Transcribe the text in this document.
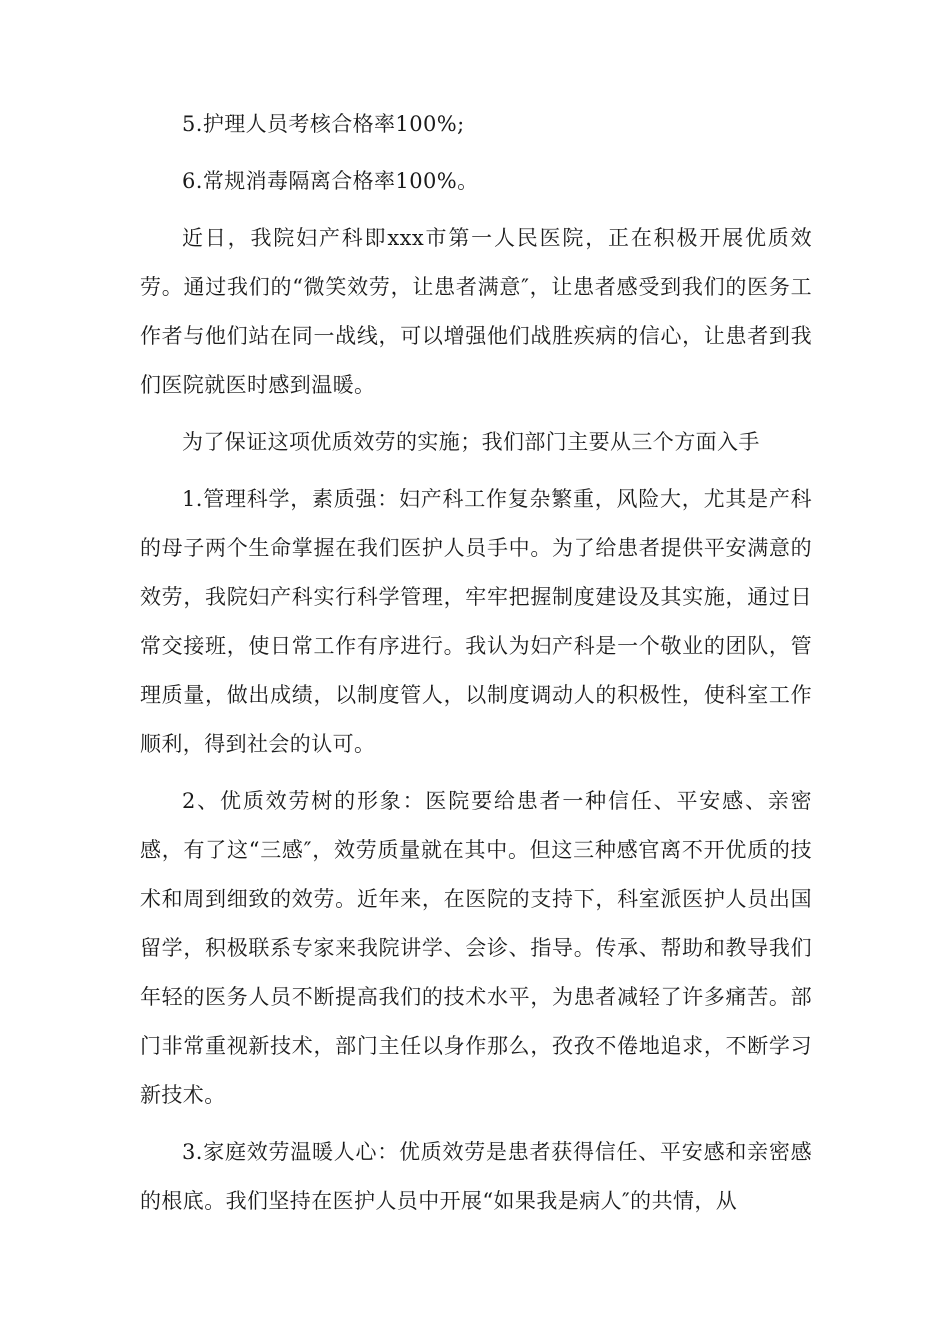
5.护理人员考核合格率100%;

6.常规消毒隔离合格率100%。

近日，我院妇产科即xxx市第一人民医院，正在积极开展优质效劳。通过我们的“微笑效劳，让患者满意″，让患者感受到我们的医务工作者与他们站在同一战线，可以增强他们战胜疾病的信心，让患者到我们医院就医时感到温暖。

为了保证这项优质效劳的实施；我们部门主要从三个方面入手

1.管理科学，素质强：妇产科工作复杂繁重，风险大，尤其是产科的母子两个生命掌握在我们医护人员手中。为了给患者提供平安满意的效劳，我院妇产科实行科学管理，牢牢把握制度建设及其实施，通过日常交接班，使日常工作有序进行。我认为妇产科是一个敬业的团队，管理质量，做出成绩，以制度管人，以制度调动人的积极性，使科室工作顺利，得到社会的认可。

2、优质效劳树的形象：医院要给患者一种信任、平安感、亲密感，有了这“三感″，效劳质量就在其中。但这三种感官离不开优质的技术和周到细致的效劳。近年来，在医院的支持下，科室派医护人员出国留学，积极联系专家来我院讲学、会诊、指导。传承、帮助和教导我们年轻的医务人员不断提高我们的技术水平，为患者减轻了许多痛苦。部门非常重视新技术，部门主任以身作那么，孜孜不倦地追求，不断学习新技术。

3.家庭效劳温暖人心：优质效劳是患者获得信任、平安感和亲密感的根底。我们坚持在医护人员中开展“如果我是病人″的共情，从
